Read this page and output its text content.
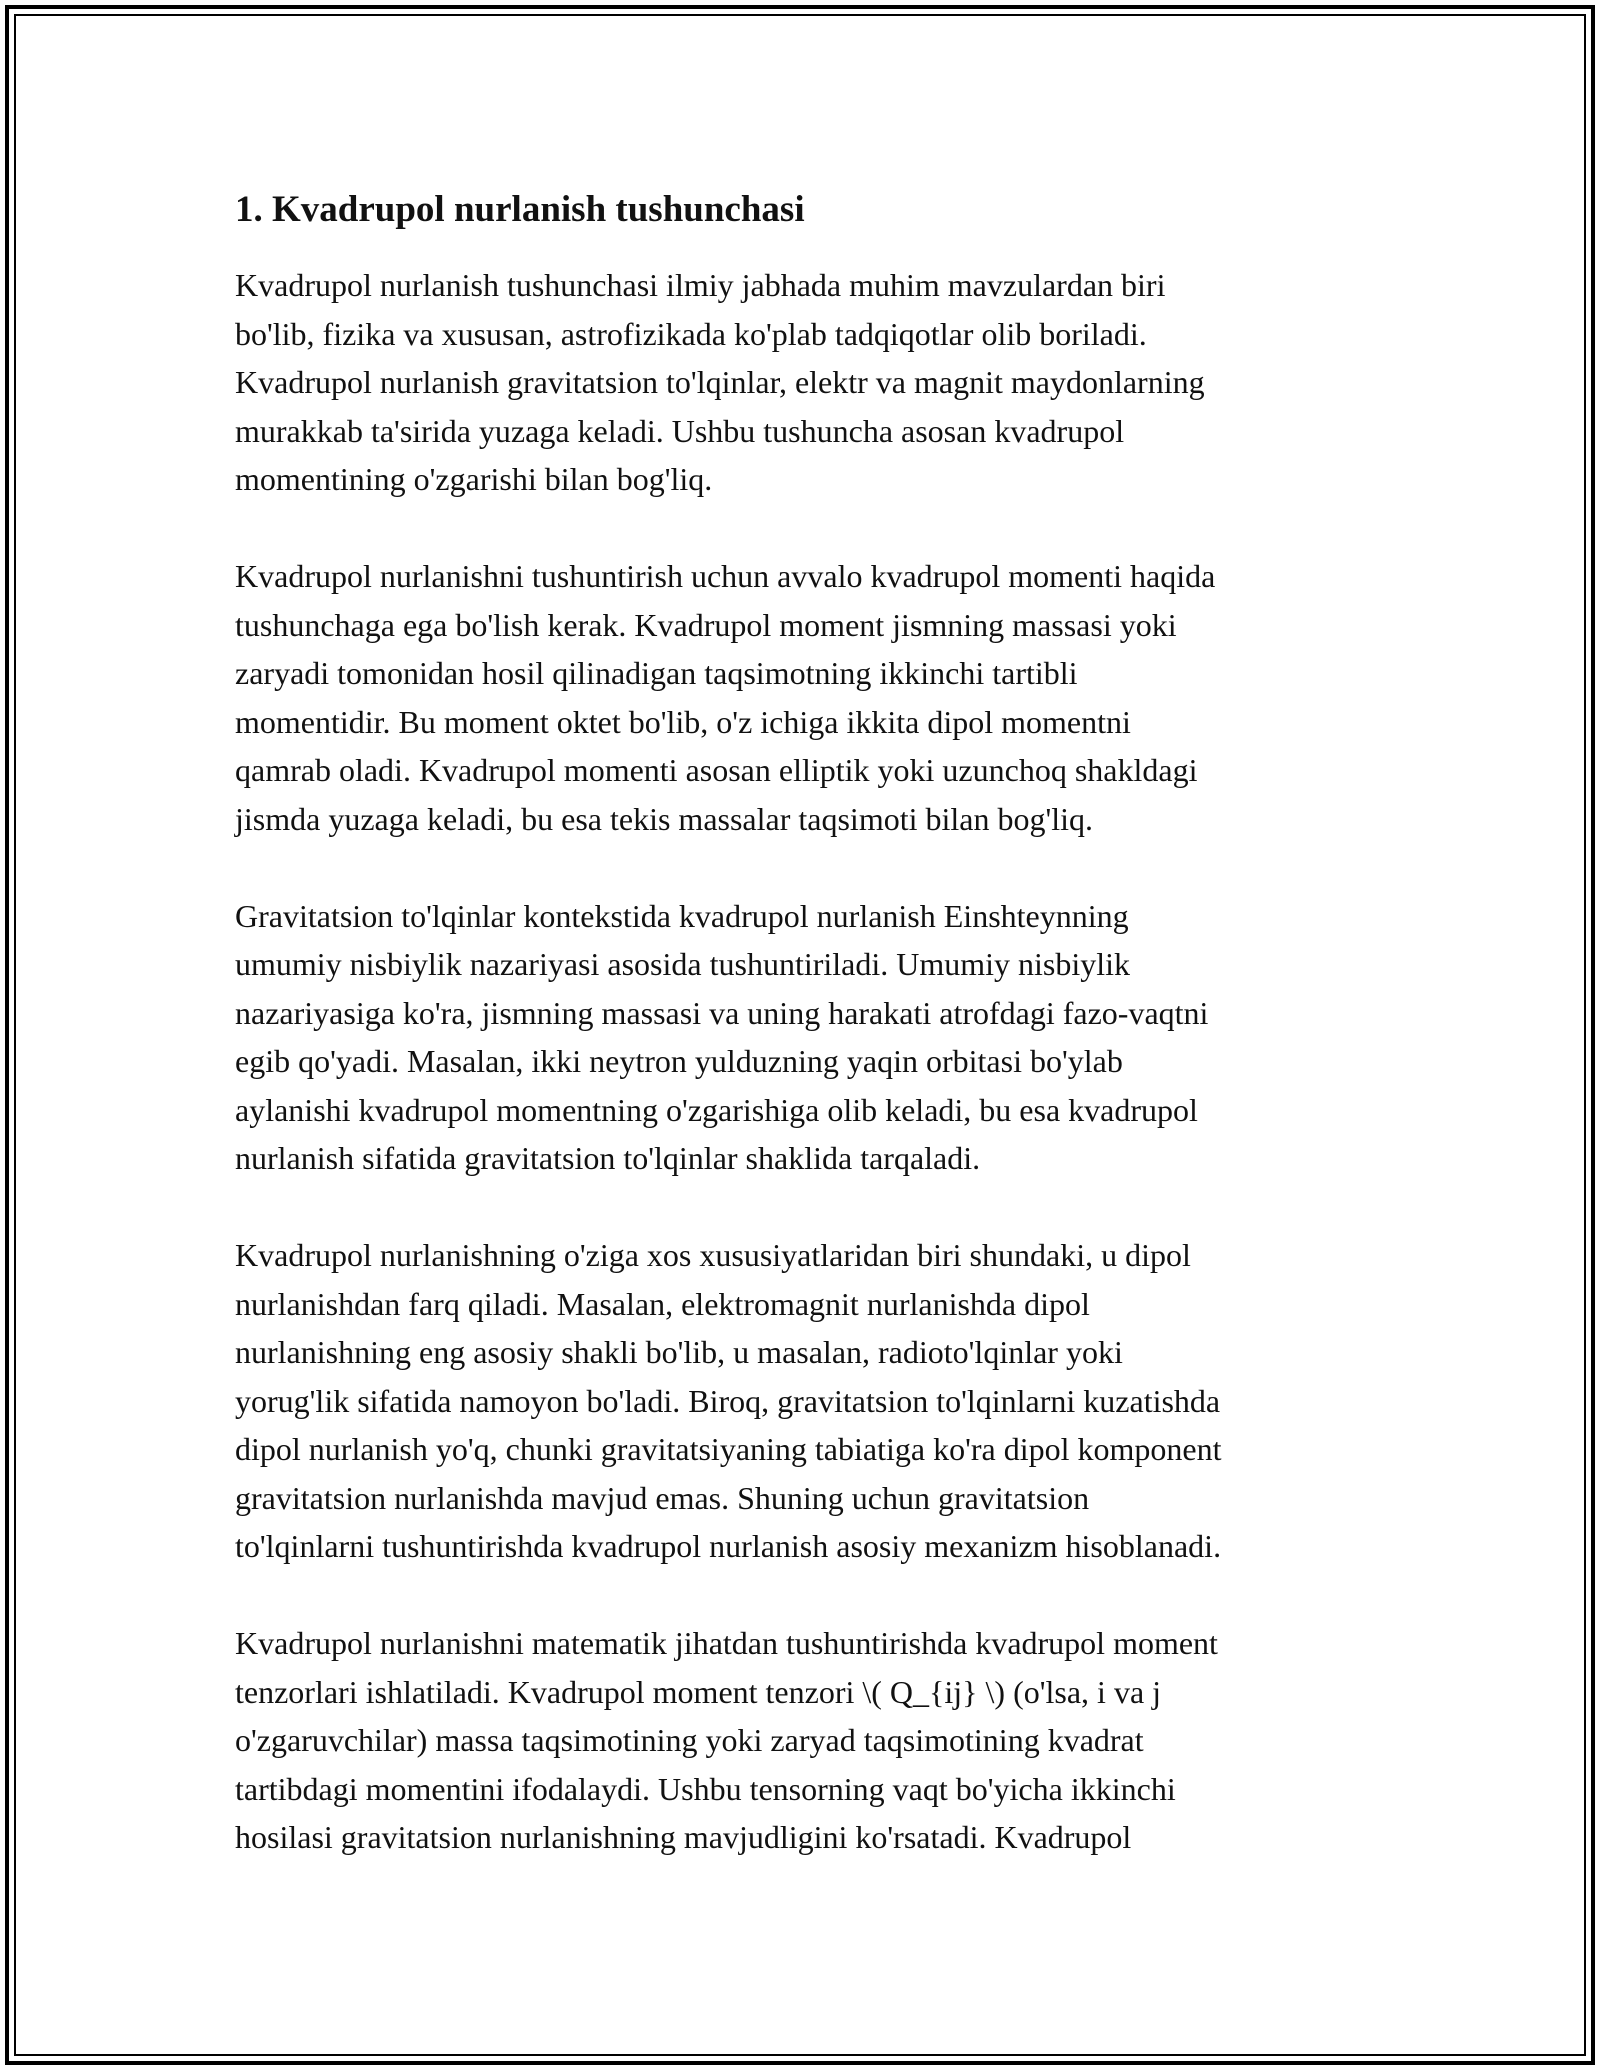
1. Kvadrupol nurlanish tushunchasi

Kvadrupol nurlanish tushunchasi ilmiy jabhada muhim mavzulardan biri
bo'lib, fizika va xususan, astrofizikada ko'plab tadqiqotlar olib boriladi.
Kvadrupol nurlanish gravitatsion to'lqinlar, elektr va magnit maydonlarning
murakkab ta'sirida yuzaga keladi. Ushbu tushuncha asosan kvadrupol
momentining o'zgarishi bilan bog'liq.

Kvadrupol nurlanishni tushuntirish uchun avvalo kvadrupol momenti haqida
tushunchaga ega bo'lish kerak. Kvadrupol moment jismning massasi yoki
zaryadi tomonidan hosil qilinadigan taqsimotning ikkinchi tartibli
momentidir. Bu moment oktet bo'lib, o'z ichiga ikkita dipol momentni
qamrab oladi. Kvadrupol momenti asosan elliptik yoki uzunchoq shakldagi
jismda yuzaga keladi, bu esa tekis massalar taqsimoti bilan bog'liq.

Gravitatsion to'lqinlar kontekstida kvadrupol nurlanish Einshteynning
umumiy nisbiylik nazariyasi asosida tushuntiriladi. Umumiy nisbiylik
nazariyasiga ko'ra, jismning massasi va uning harakati atrofdagi fazo-vaqtni
egib qo'yadi. Masalan, ikki neytron yulduzning yaqin orbitasi bo'ylab
aylanishi kvadrupol momentning o'zgarishiga olib keladi, bu esa kvadrupol
nurlanish sifatida gravitatsion to'lqinlar shaklida tarqaladi.

Kvadrupol nurlanishning o'ziga xos xususiyatlaridan biri shundaki, u dipol
nurlanishdan farq qiladi. Masalan, elektromagnit nurlanishda dipol
nurlanishning eng asosiy shakli bo'lib, u masalan, radioto'lqinlar yoki
yorug'lik sifatida namoyon bo'ladi. Biroq, gravitatsion to'lqinlarni kuzatishda
dipol nurlanish yo'q, chunki gravitatsiyaning tabiatiga ko'ra dipol komponent
gravitatsion nurlanishda mavjud emas. Shuning uchun gravitatsion
to'lqinlarni tushuntirishda kvadrupol nurlanish asosiy mexanizm hisoblanadi.

Kvadrupol nurlanishni matematik jihatdan tushuntirishda kvadrupol moment
tenzorlari ishlatiladi. Kvadrupol moment tenzori \( Q_{ij} \) (o'lsa, i va j
o'zgaruvchilar) massa taqsimotining yoki zaryad taqsimotining kvadrat
tartibdagi momentini ifodalaydi. Ushbu tensorning vaqt bo'yicha ikkinchi
hosilasi gravitatsion nurlanishning mavjudligini ko'rsatadi. Kvadrupol
